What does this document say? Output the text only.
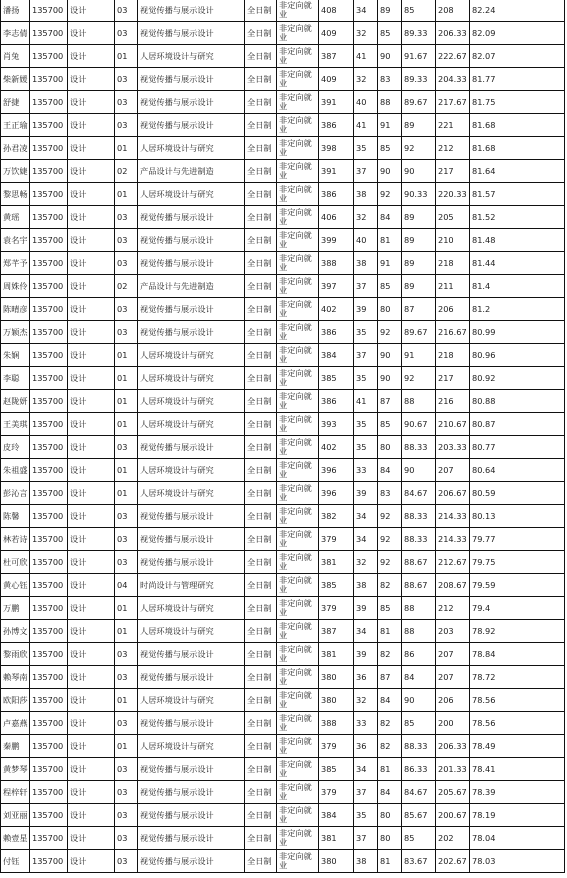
潘扬	135700	设计	03	视觉传播与展示设计	全日制	非定向就业	408	34	89	85	208	82.24
李志倩	135700	设计	03	视觉传播与展示设计	全日制	非定向就业	409	32	85	89.33	206.33	82.09
肖兔	135700	设计	01	人居环境设计与研究	全日制	非定向就业	387	41	90	91.67	222.67	82.07
柴新媛	135700	设计	03	视觉传播与展示设计	全日制	非定向就业	409	32	83	89.33	204.33	81.77
舒捷	135700	设计	03	视觉传播与展示设计	全日制	非定向就业	391	40	88	89.67	217.67	81.75
王正瑜	135700	设计	03	视觉传播与展示设计	全日制	非定向就业	386	41	91	89	221	81.68
孙君凌	135700	设计	01	人居环境设计与研究	全日制	非定向就业	398	35	85	92	212	81.68
万饮婕	135700	设计	02	产品设计与先进制造	全日制	非定向就业	391	37	90	90	217	81.64
黎思畅	135700	设计	01	人居环境设计与研究	全日制	非定向就业	386	38	92	90.33	220.33	81.57
黄瑶	135700	设计	03	视觉传播与展示设计	全日制	非定向就业	406	32	84	89	205	81.52
袁名宇	135700	设计	03	视觉传播与展示设计	全日制	非定向就业	399	40	81	89	210	81.48
郑芊予	135700	设计	03	视觉传播与展示设计	全日制	非定向就业	388	38	91	89	218	81.44
周姝伶	135700	设计	02	产品设计与先进制造	全日制	非定向就业	397	37	85	89	211	81.4
陈晴彦	135700	设计	03	视觉传播与展示设计	全日制	非定向就业	402	39	80	87	206	81.2
万颖杰	135700	设计	03	视觉传播与展示设计	全日制	非定向就业	386	35	92	89.67	216.67	80.99
朱娴	135700	设计	01	人居环境设计与研究	全日制	非定向就业	384	37	90	91	218	80.96
李聪	135700	设计	01	人居环境设计与研究	全日制	非定向就业	385	35	90	92	217	80.92
赵陇妍	135700	设计	01	人居环境设计与研究	全日制	非定向就业	386	41	87	88	216	80.88
王美琪	135700	设计	01	人居环境设计与研究	全日制	非定向就业	393	35	85	90.67	210.67	80.87
皮玲	135700	设计	03	视觉传播与展示设计	全日制	非定向就业	402	35	80	88.33	203.33	80.77
朱祖盛	135700	设计	01	人居环境设计与研究	全日制	非定向就业	396	33	84	90	207	80.64
彭沁言	135700	设计	01	人居环境设计与研究	全日制	非定向就业	396	39	83	84.67	206.67	80.59
陈馨	135700	设计	03	视觉传播与展示设计	全日制	非定向就业	382	34	92	88.33	214.33	80.13
林若诗	135700	设计	03	视觉传播与展示设计	全日制	非定向就业	379	34	92	88.33	214.33	79.77
杜可欣	135700	设计	03	视觉传播与展示设计	全日制	非定向就业	381	32	92	88.67	212.67	79.75
黄心钰	135700	设计	04	时尚设计与管理研究	全日制	非定向就业	385	38	82	88.67	208.67	79.59
万鹏	135700	设计	01	人居环境设计与研究	全日制	非定向就业	379	39	85	88	212	79.4
孙博文	135700	设计	01	人居环境设计与研究	全日制	非定向就业	387	34	81	88	203	78.92
黎雨欣	135700	设计	03	视觉传播与展示设计	全日制	非定向就业	381	39	82	86	207	78.84
赖琴南	135700	设计	03	视觉传播与展示设计	全日制	非定向就业	380	36	87	84	207	78.72
欧阳莎	135700	设计	01	人居环境设计与研究	全日制	非定向就业	380	32	84	90	206	78.56
卢嘉燕	135700	设计	03	视觉传播与展示设计	全日制	非定向就业	388	33	82	85	200	78.56
秦鹏	135700	设计	01	人居环境设计与研究	全日制	非定向就业	379	36	82	88.33	206.33	78.49
黄梦琴	135700	设计	03	视觉传播与展示设计	全日制	非定向就业	385	34	81	86.33	201.33	78.41
程梓轩	135700	设计	03	视觉传播与展示设计	全日制	非定向就业	379	37	84	84.67	205.67	78.39
刘亚丽	135700	设计	03	视觉传播与展示设计	全日制	非定向就业	384	35	80	85.67	200.67	78.19
赖壹星	135700	设计	03	视觉传播与展示设计	全日制	非定向就业	381	37	80	85	202	78.04
付钰	135700	设计	03	视觉传播与展示设计	全日制	非定向就业	380	38	81	83.67	202.67	78.03
